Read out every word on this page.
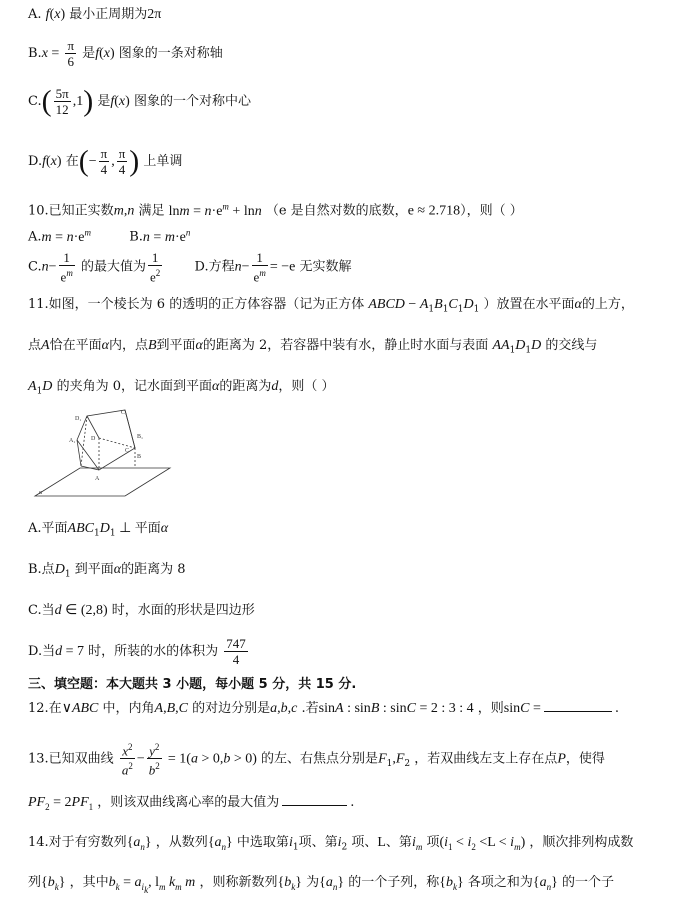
A. f(x) 最小正周期为2π
$B.x = \frac{\pi}{6}$ 是f(x) 图象的一条对称轴
$C.( \frac{5\pi}{12} ,1)$ 是f(x) 图象的一个对称中心
D.f(x) 在(− $\frac{\pi}{4}$ , $\frac{\pi}{4}$ ) 上单调
10.已知正实数m,n 满足 $\ln m = n\cdot e^m + \ln n$ （e 是自然对数的底数，e ≈ 2.718），则（ ）
$A.m = n\cdot e^m$	$B.n = m\cdot e^n$
$C.n- \frac{1}{e^m}$ 的最大值为 $\frac{1}{e^2} D$.方程$n- \frac{1}{e^m} = -e$ 无实数解
11.如图，一个棱长为 6 的透明的正方体容器（记为正方体 ABCD − $A_1B_1C_1D_1$ ）放置在水平面α的上方，
点A恰在平面α内，点B到平面α的距离为 2，若容器中装有水，静止时水面与表面 $AA_1D_1D$ 的交线与
$A_1D$ 的夹角为 0，记水面到平面α的距离为d，则（ ）
C₁
D₁
B₁
A₁	D
C
B
A
α
A.平面$ABC_1D_1$ ⊥ 平面α
B.点$D_1$ 到平面α的距离为 8
C.当d ∈ (2,8) 时，水面的形状是四边形
D.当d = 7 时，所装的水的体积为 $\frac{747}{4}$
三、填空题：本大题共 3 小题，每小题 5 分，共 15 分.
12.在∨ABC 中，内角A,B,C 的对边分别是a,b,c .若sinA : sinB : sinC = 2 : 3 : 4 ，则sinC =	.
13.已知双曲线 $\frac{x^2}{a^2} - \frac{y^2}{b^2} = 1(a > 0,b > 0)$ 的左、右焦点分别是$F_1,F_2$ ，若双曲线左支上存在点P，使得
$PF_2 = 2PF_1$ ，则该双曲线离心率的最大值为	.
14.对于有穷数列$\{a_n\}$ ，从数列$\{a_n\}$ 中选取第$i_1$项、第$i_2$ 项、L、第$i_m$ 项$(i_1 < i_2 <L < i_m)$ ，顺次排列构成数
列$\{b_k\}$ ，其中$b_k = a_{i_k}$, $l_m$ $k_m$ m ，则称新数列$\{b_k\}$ 为$\{a_n\}$ 的一个子列，称$\{b_k\}$ 各项之和为$\{a_n\}$ 的一个子
